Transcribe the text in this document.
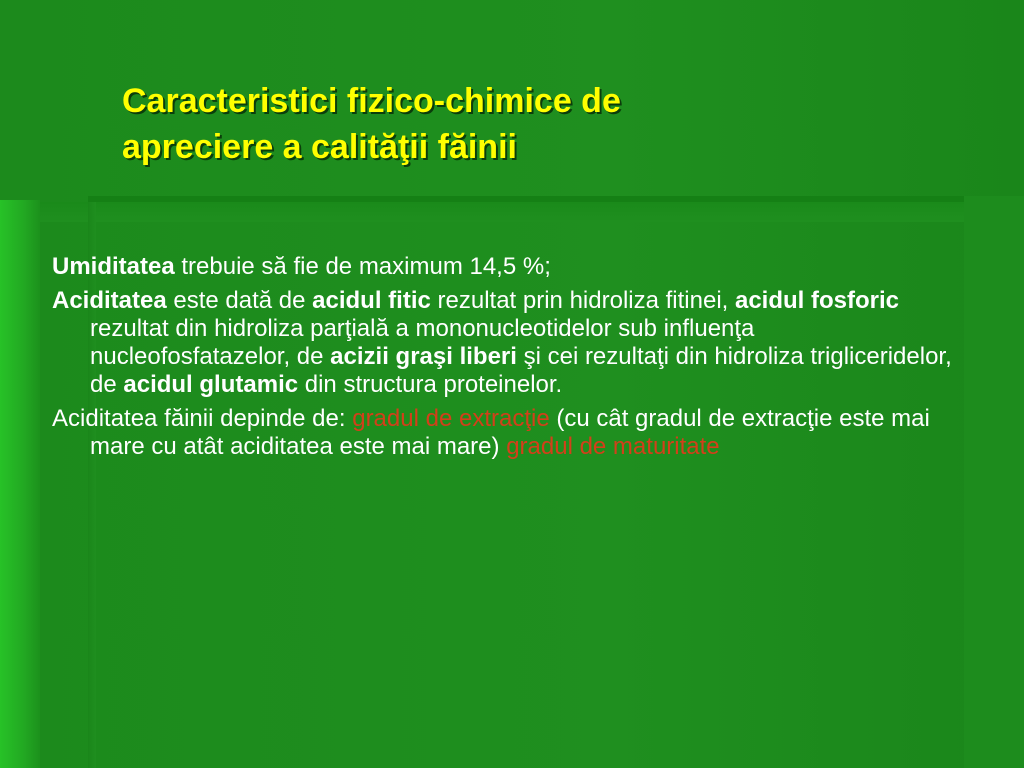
Caracteristici fizico-chimice de
apreciere a calităţii făinii

Umiditatea trebuie să fie de maximum 14,5 %;

Aciditatea este dată de acidul fitic rezultat prin hidroliza fitinei, acidul fosforic rezultat din hidroliza parţială a mononucleotidelor sub influenţa nucleofosfatazelor, de acizii graşi liberi şi cei rezultaţi din hidroliza trigliceridelor, de acidul glutamic din structura proteinelor.

Aciditatea făinii depinde de: gradul de extracţie (cu cât gradul de extracţie este mai mare cu atât aciditatea este mai mare) gradul de maturitate
